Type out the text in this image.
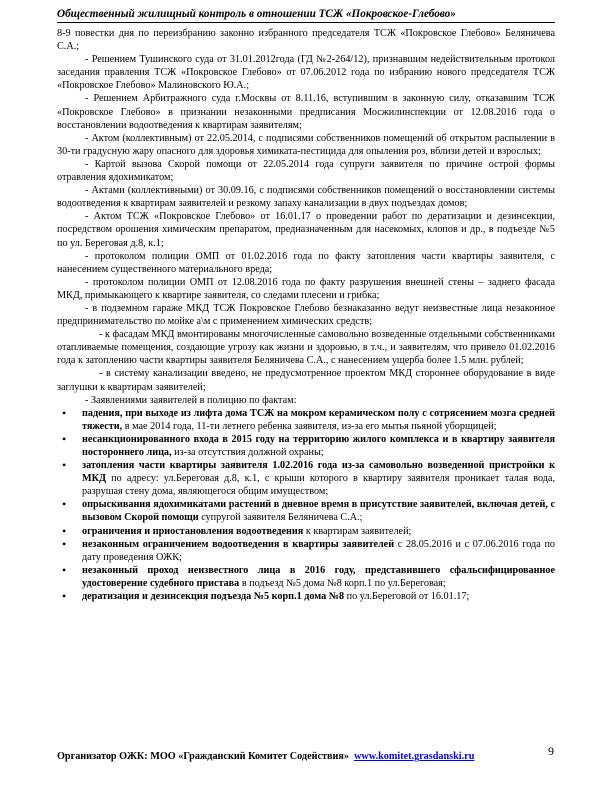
Общественный жилищный контроль в отношении ТСЖ «Покровское-Глебово»

8-9 повестки дня по переизбранию законно избранного председателя ТСЖ «Покровское Глебово» Беляничева С.А.;

- Решением Тушинского суда от 31.01.2012года (ГД №2-264/12), признавшим недействительным протокол заседания правления ТСЖ «Покровское Глебово» от 07.06.2012 года по избранию нового председателя ТСЖ «Покровское Глебово» Малиновского Ю.А.;

- Решением Арбитражного суда г.Москвы от 8.11.16, вступившим в законную силу, отказавшим ТСЖ «Покровское Глебово» в признании незаконными предписания Мосжилинспекции от 12.08.2016 года о восстановлении водоотведения к квартирам заявителям;

- Актом (коллективным) от 22.05.2014, с подписями собственников помещений об открытом распылении в 30-ти градусную жару опасного для здоровья химиката-пестицида для опыления роз, вблизи детей и взрослых;

- Картой вызова Скорой помощи от 22.05.2014 года супруги заявителя по причине острой формы отравления ядохимикатом;

- Актами (коллективными) от 30.09.16, с подписями собственников помещений о восстановлении системы водоотведения к квартирам заявителей и резкому запаху канализации в двух подъездах домов;

- Актом ТСЖ «Покровское Глебово» от 16.01.17 о проведении работ по дератизации и дезинсекции, посредством орошения химическим препаратом, предназначенным для насекомых, клопов и др., в подъезде №5 по ул. Береговая д.8, к.1;

- протоколом полиции ОМП от 01.02.2016 года по факту затопления части квартиры заявителя, с нанесением существенного материального вреда;

- протоколом полиции ОМП от 12.08.2016 года по факту разрушения внешней стены – заднего фасада МКД, примыкающего к квартире заявителя, со следами плесени и грибка;

- в подземном гараже МКД ТСЖ Покровское Глебово безнаказанно ведут неизвестные лица незаконное предпринимательство по мойке а\м с применением химических средств;

- к фасадам МКД вмонтированы многочисленные самовольно возведенные отдельными собственниками отапливаемые помещения, создающие угрозу как жизни и здоровью, в т.ч., и заявителям, что привело 01.02.2016 года к затоплению части квартиры заявителя Беляничева С.А., с нанесением ущерба более 1.5 млн. рублей;

- в систему канализации введено, не предусмотренное проектом МКД стороннее оборудование в виде заглушки к квартирам заявителей;

- Заявлениями заявителей в полицию по фактам:

• падения, при выходе из лифта дома ТСЖ на мокром керамическом полу с сотрясением мозга средней тяжести, в мае 2014 года, 11-ти летнего ребенка заявителя, из-за его мытья пьяной уборщицей;
• несанкционированного входа в 2015 году на территорию жилого комплекса и в квартиру заявителя постороннего лица, из-за отсутствия должной охраны;
• затопления части квартиры заявителя 1.02.2016 года из-за самовольно возведенной пристройки к МКД по адресу: ул.Береговая д.8, к.1, с крыши которого в квартиру заявителя проникает талая вода, разрушая стену дома, являющегося общим имуществом;
• опрыскивания ядохимикатами растений в дневное время в присутствие заявителей, включая детей, с вызовом Скорой помощи супругой заявителя Беляничева С.А.;
• ограничения и приостановления водоотведения к квартирам заявителей;
• незаконным ограничением водоотведения в квартиры заявителей с 28.05.2016 и с 07.06.2016 года по дату проведения ОЖК;
• незаконный проход неизвестного лица в 2016 году, представившего сфальсифицированное удостоверение судебного пристава в подъезд №5 дома №8 корп.1 по ул.Береговая;
• дератизация и дезинсекция подъезда №5 корп.1 дома №8 по ул.Береговой от 16.01.17;
Организатор ОЖК: МОО «Гражданский Комитет Содействия» www.komitet.grasdanski.ru	9
